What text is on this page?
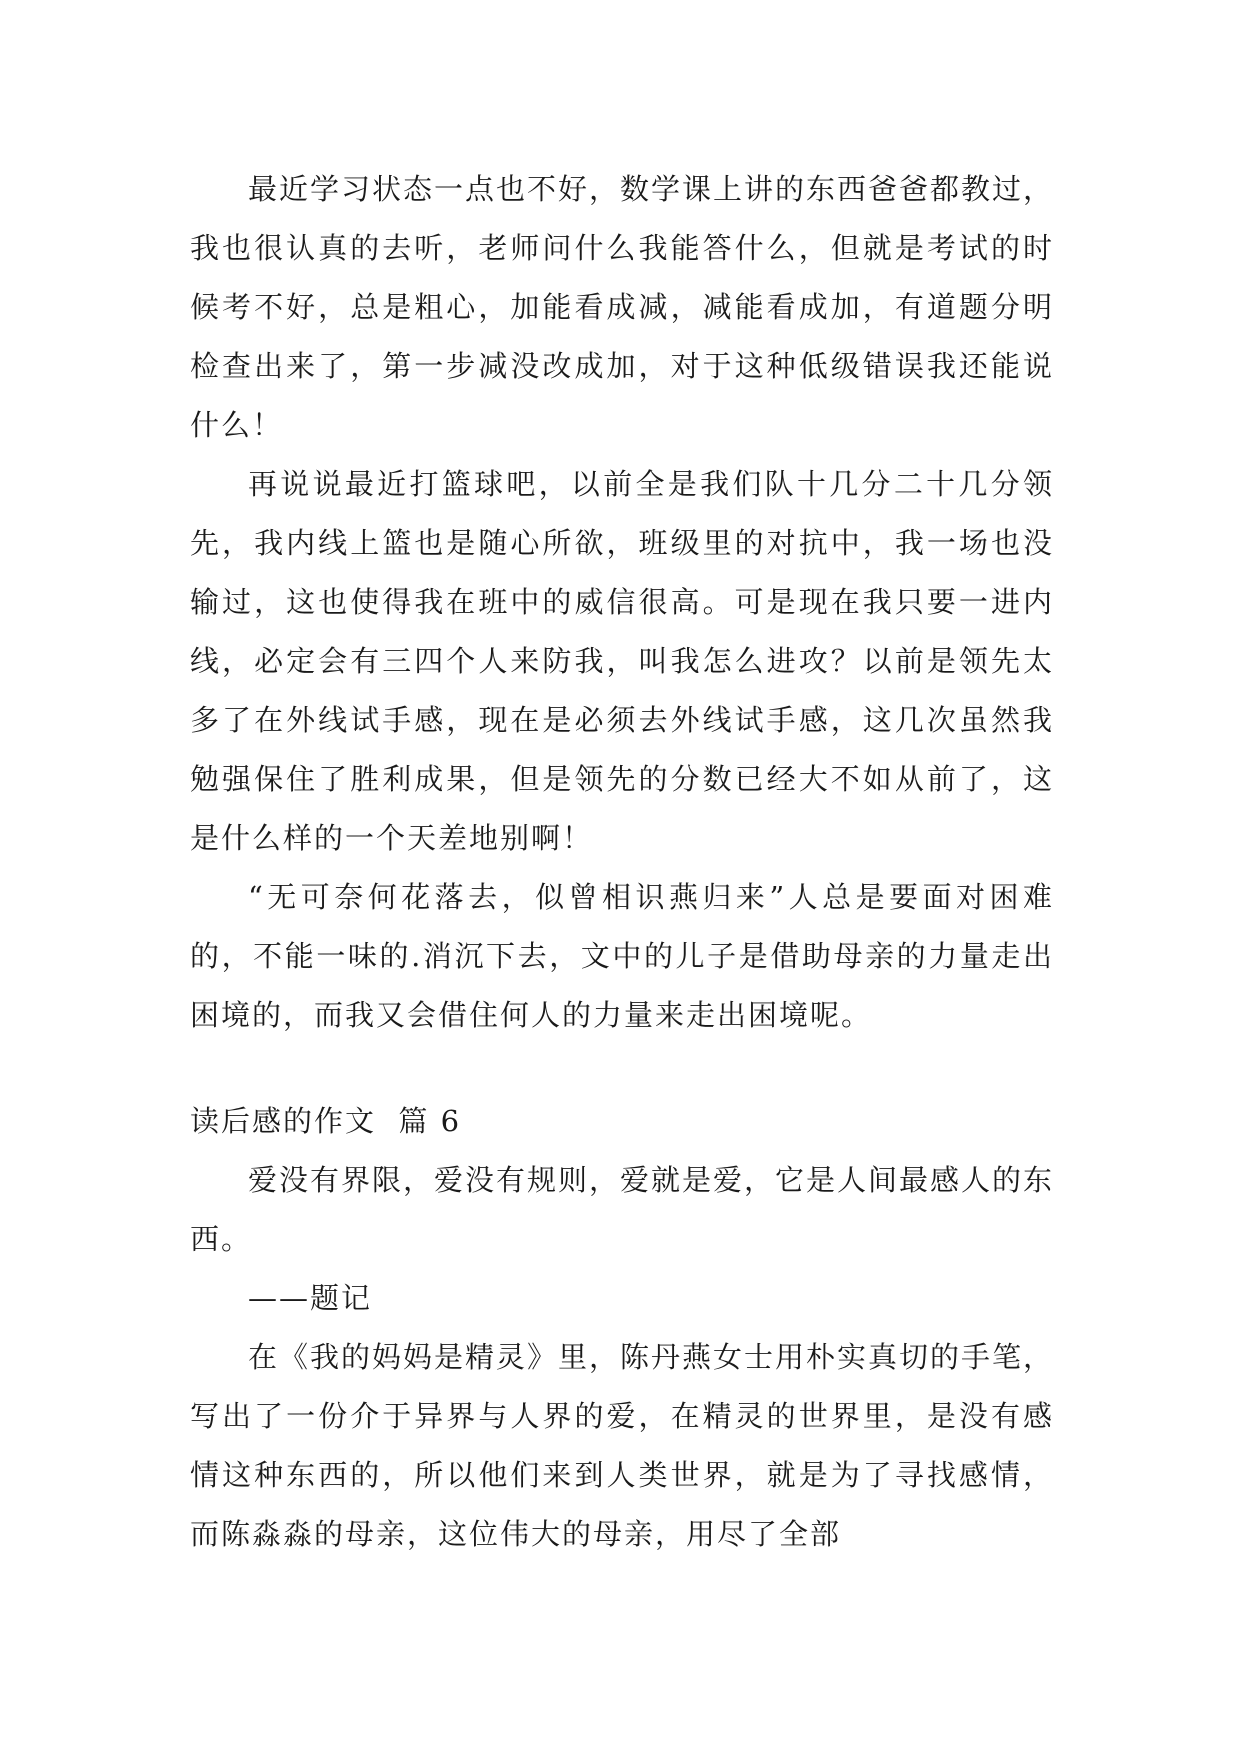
最近学习状态一点也不好，数学课上讲的东西爸爸都教过，我也很认真的去听，老师问什么我能答什么，但就是考试的时候考不好，总是粗心，加能看成减，减能看成加，有道题分明检查出来了，第一步减没改成加，对于这种低级错误我还能说什么！

再说说最近打篮球吧，以前全是我们队十几分二十几分领先，我内线上篮也是随心所欲，班级里的对抗中，我一场也没输过，这也使得我在班中的威信很高。可是现在我只要一进内线，必定会有三四个人来防我，叫我怎么进攻？以前是领先太多了在外线试手感，现在是必须去外线试手感，这几次虽然我勉强保住了胜利成果，但是领先的分数已经大不如从前了，这是什么样的一个天差地别啊！

“无可奈何花落去，似曾相识燕归来”人总是要面对困难的，不能一味的.消沉下去，文中的儿子是借助母亲的力量走出困境的，而我又会借住何人的力量来走出困境呢。

读后感的作文  篇 6

爱没有界限，爱没有规则，爱就是爱，它是人间最感人的东西。

——题记

在《我的妈妈是精灵》里，陈丹燕女士用朴实真切的手笔，写出了一份介于异界与人界的爱，在精灵的世界里，是没有感情这种东西的，所以他们来到人类世界，就是为了寻找感情，  而陈淼淼的母亲，这位伟大的母亲，用尽了全部
